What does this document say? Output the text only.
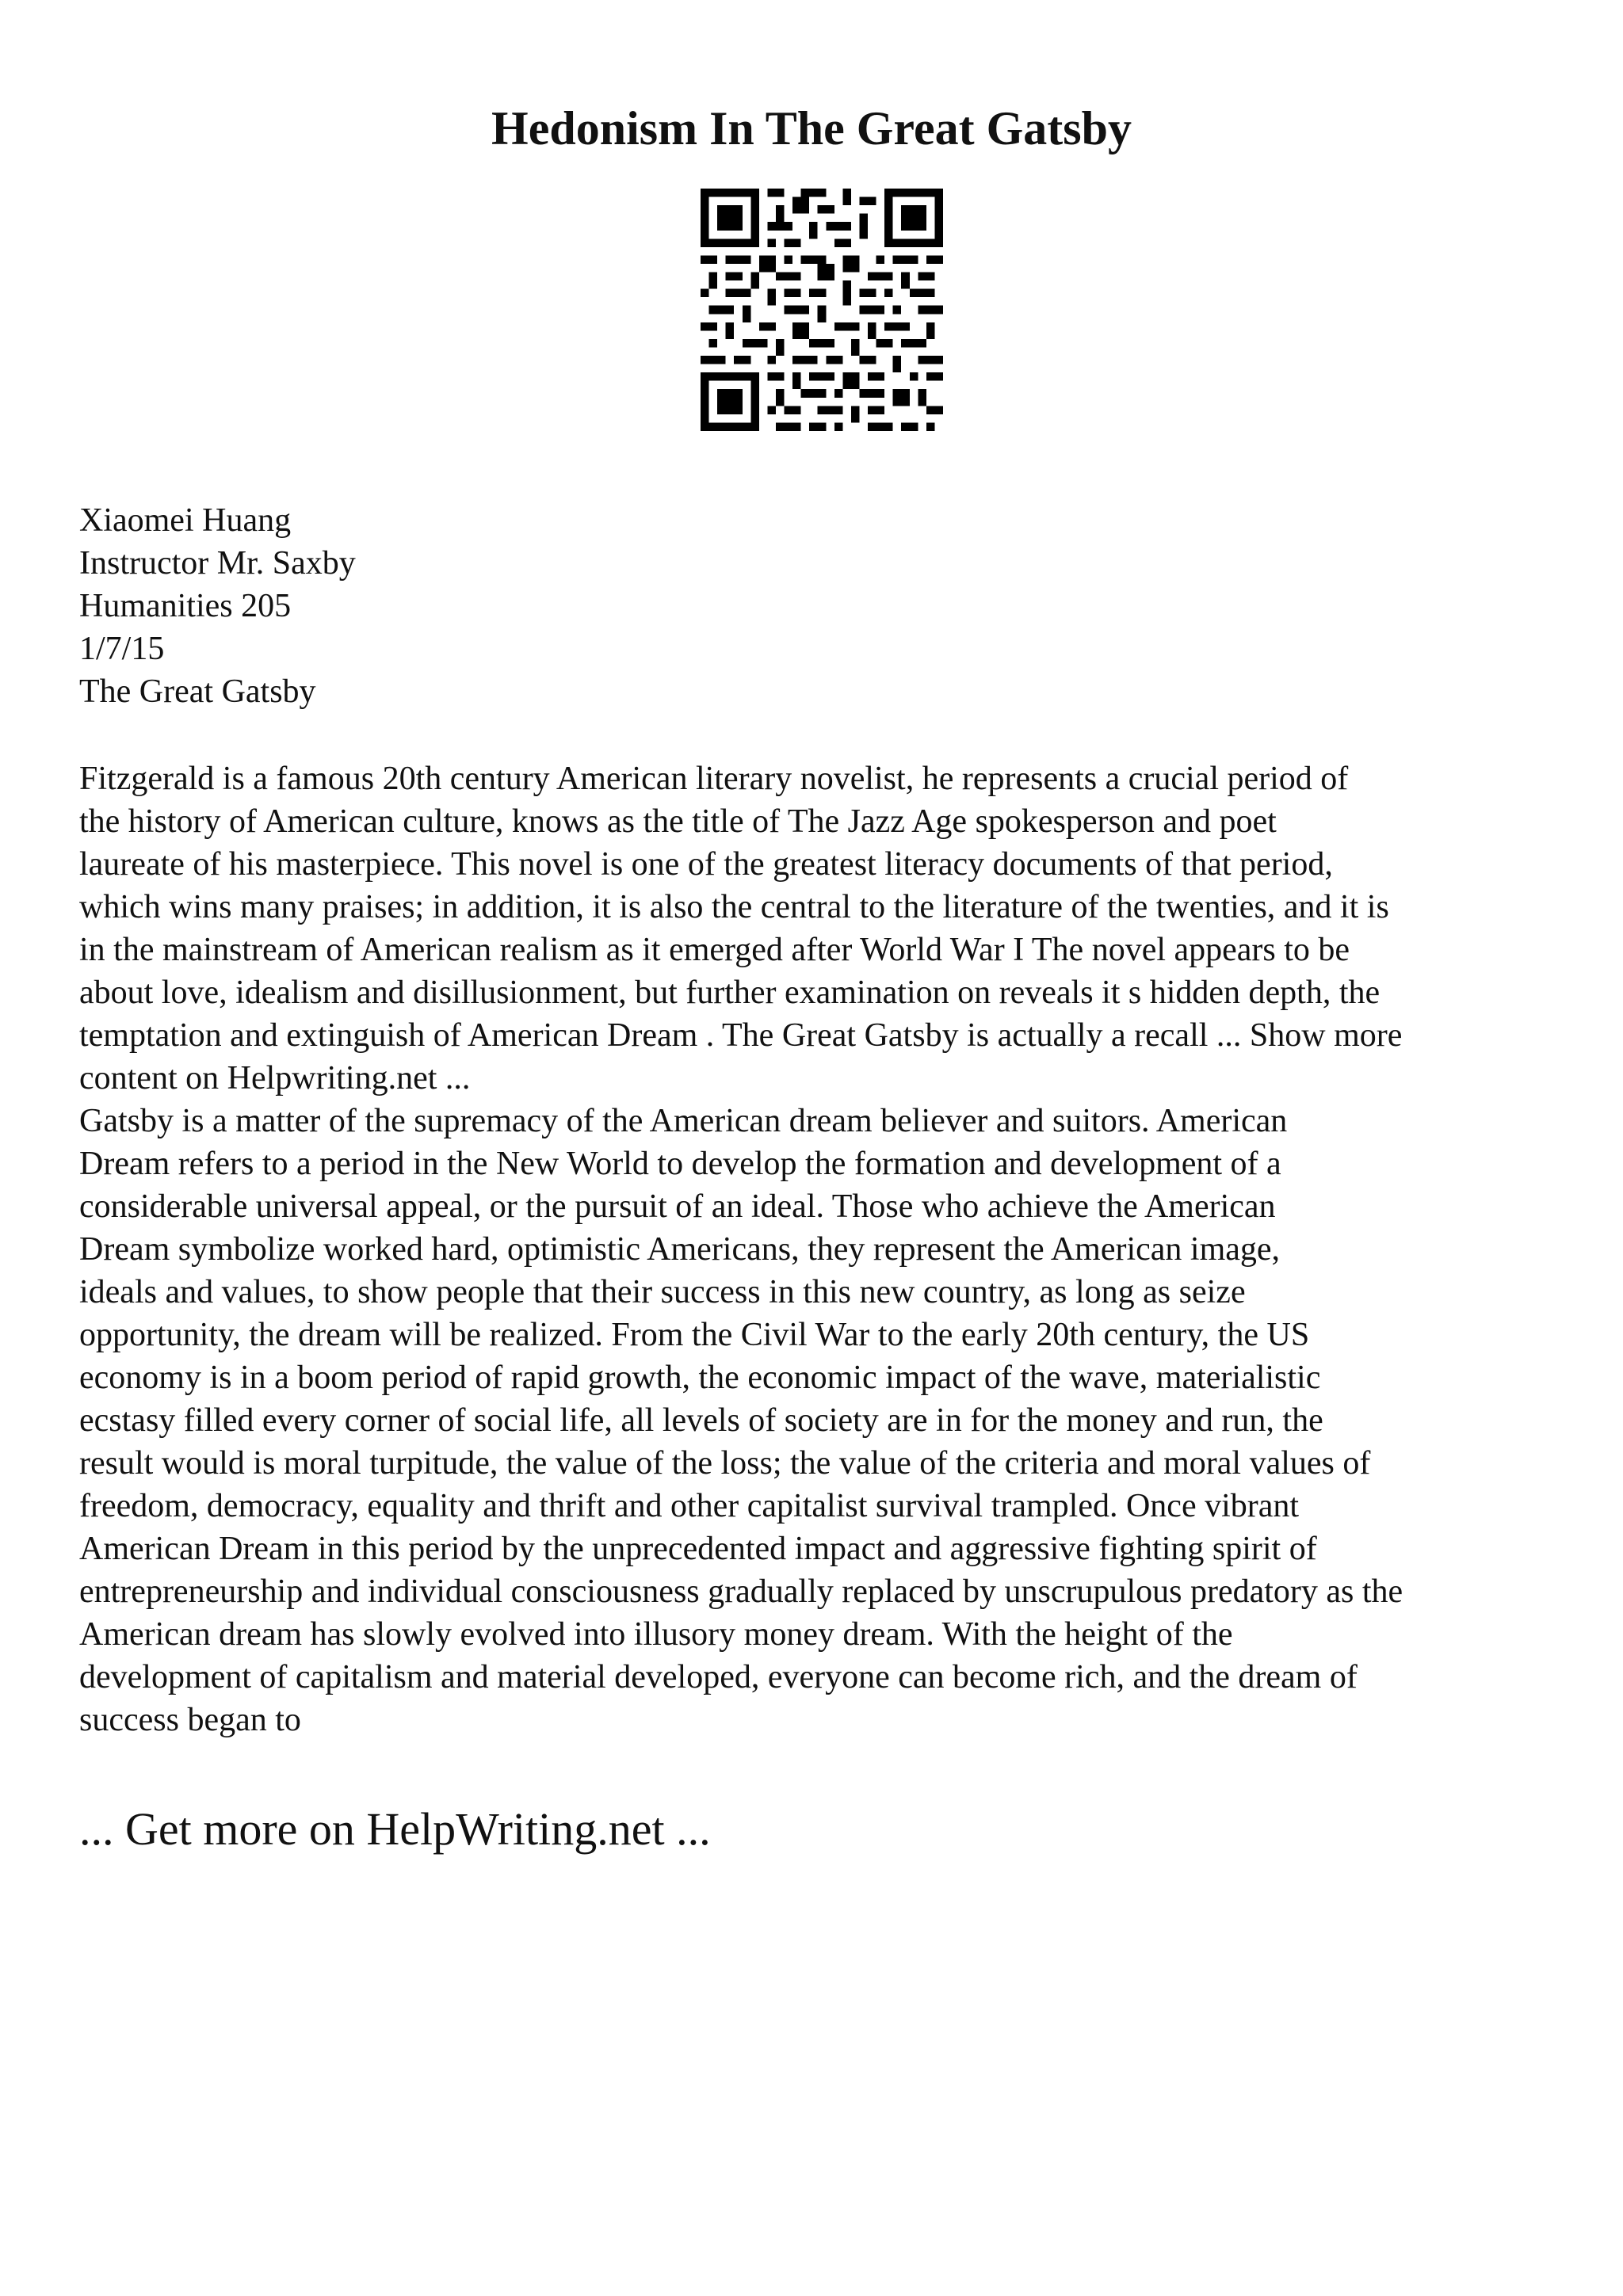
Hedonism In The Great Gatsby
Xiaomei Huang
Instructor Mr. Saxby
Humanities 205
1/7/15
The Great Gatsby
Fitzgerald is a famous 20th century American literary novelist, he represents a crucial period of
the history of American culture, knows as the title of The Jazz Age spokesperson and poet
laureate of his masterpiece. This novel is one of the greatest literacy documents of that period,
which wins many praises; in addition, it is also the central to the literature of the twenties, and it is
in the mainstream of American realism as it emerged after World War I The novel appears to be
about love, idealism and disillusionment, but further examination on reveals it s hidden depth, the
temptation and extinguish of American Dream . The Great Gatsby is actually a recall ... Show more
content on Helpwriting.net ...
Gatsby is a matter of the supremacy of the American dream believer and suitors. American
Dream refers to a period in the New World to develop the formation and development of a
considerable universal appeal, or the pursuit of an ideal. Those who achieve the American
Dream symbolize worked hard, optimistic Americans, they represent the American image,
ideals and values, to show people that their success in this new country, as long as seize
opportunity, the dream will be realized. From the Civil War to the early 20th century, the US
economy is in a boom period of rapid growth, the economic impact of the wave, materialistic
ecstasy filled every corner of social life, all levels of society are in for the money and run, the
result would is moral turpitude, the value of the loss; the value of the criteria and moral values of
freedom, democracy, equality and thrift and other capitalist survival trampled. Once vibrant
American Dream in this period by the unprecedented impact and aggressive fighting spirit of
entrepreneurship and individual consciousness gradually replaced by unscrupulous predatory as the
American dream has slowly evolved into illusory money dream. With the height of the
development of capitalism and material developed, everyone can become rich, and the dream of
success began to
... Get more on HelpWriting.net ...
